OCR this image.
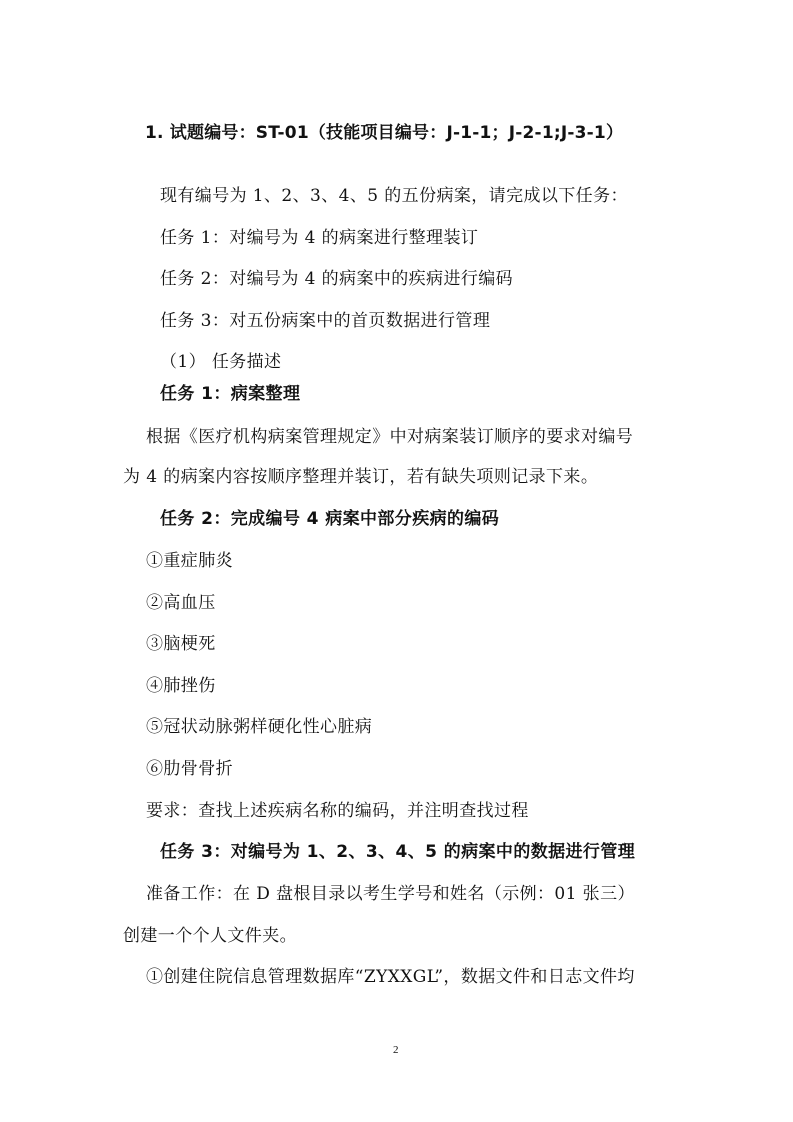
1. 试题编号：ST-01（技能项目编号：J-1-1；J-2-1;J-3-1）
现有编号为 1、2、3、4、5 的五份病案，请完成以下任务：
任务 1：对编号为 4 的病案进行整理装订
任务 2：对编号为 4 的病案中的疾病进行编码
任务 3：对五份病案中的首页数据进行管理
（1） 任务描述
任务 1：病案整理
根据《医疗机构病案管理规定》中对病案装订顺序的要求对编号
为 4 的病案内容按顺序整理并装订，若有缺失项则记录下来。
任务 2：完成编号 4 病案中部分疾病的编码
①重症肺炎
②高血压
③脑梗死
④肺挫伤
⑤冠状动脉粥样硬化性心脏病
⑥肋骨骨折
要求：查找上述疾病名称的编码，并注明查找过程
任务 3：对编号为 1、2、3、4、5 的病案中的数据进行管理
准备工作：在 D 盘根目录以考生学号和姓名（示例：01 张三）
创建一个个人文件夹。
①创建住院信息管理数据库“ZYXXGL”，数据文件和日志文件均
2
